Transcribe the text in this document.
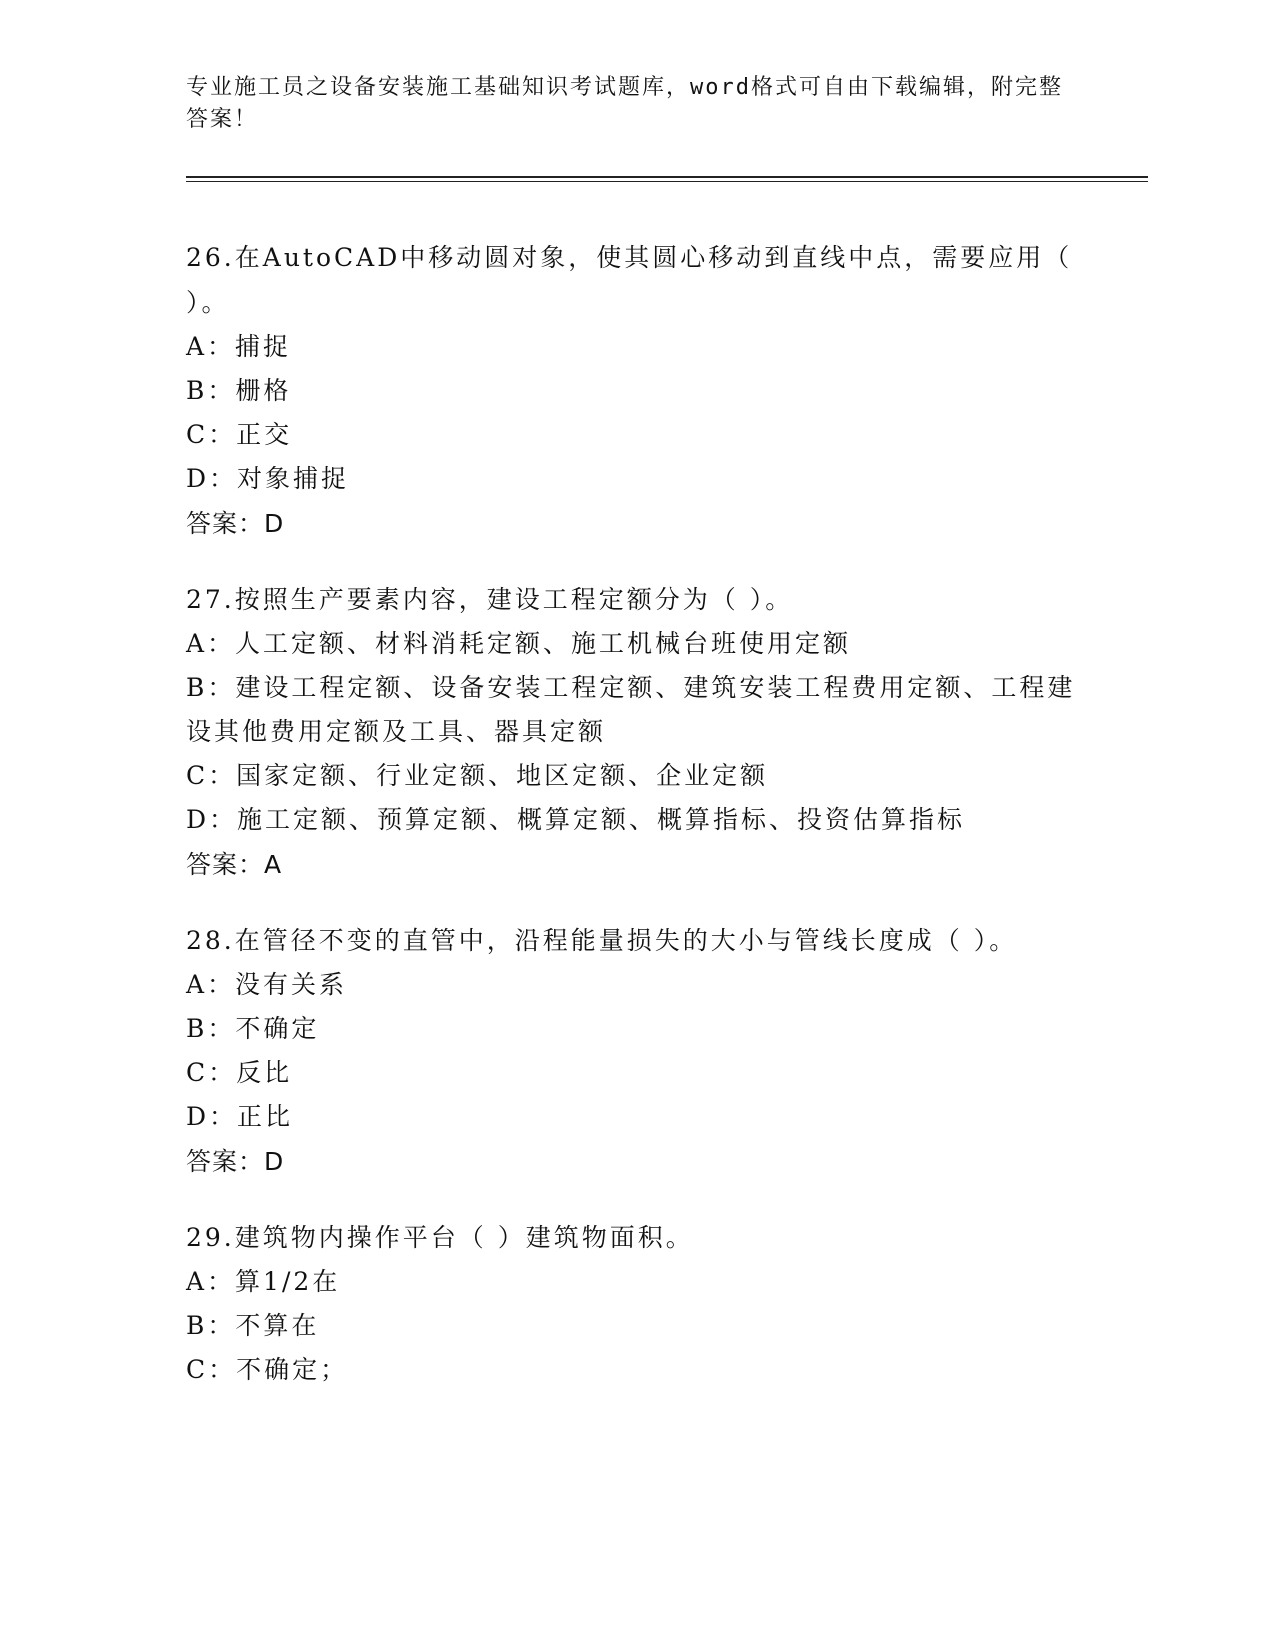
专业施工员之设备安装施工基础知识考试题库，word格式可自由下载编辑，附完整答案！
26.在AutoCAD中移动圆对象，使其圆心移动到直线中点，需要应用（ ）。
A：捕捉
B：栅格
C：正交
D：对象捕捉
答案：D
27.按照生产要素内容，建设工程定额分为（ ）。
A：人工定额、材料消耗定额、施工机械台班使用定额
B：建设工程定额、设备安装工程定额、建筑安装工程费用定额、工程建设其他费用定额及工具、器具定额
C：国家定额、行业定额、地区定额、企业定额
D：施工定额、预算定额、概算定额、概算指标、投资估算指标
答案：A
28.在管径不变的直管中，沿程能量损失的大小与管线长度成（ ）。
A：没有关系
B：不确定
C：反比
D：正比
答案：D
29.建筑物内操作平台（ ）建筑物面积。
A：算1/2在
B：不算在
C：不确定；
